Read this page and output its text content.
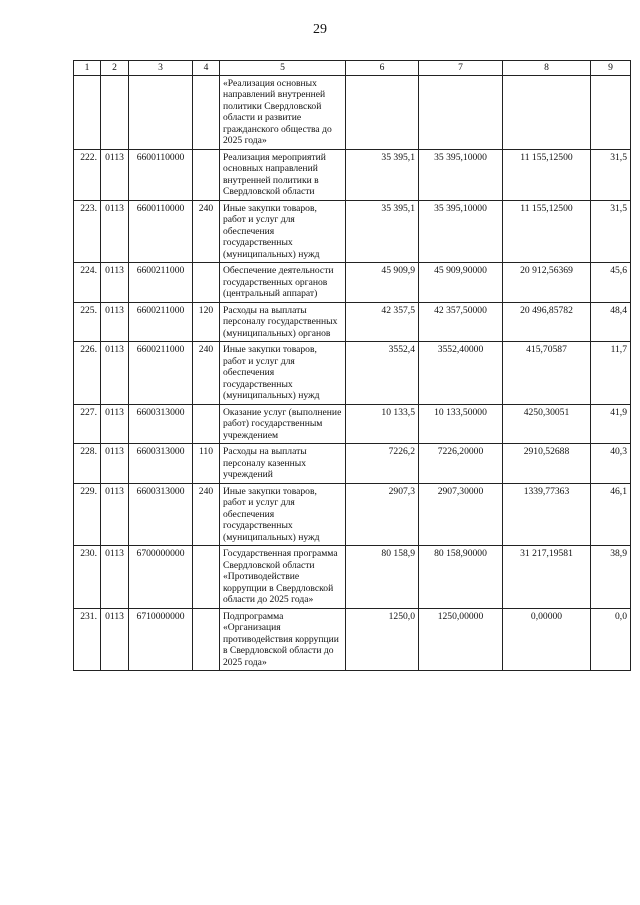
29
1	2	3	4	5	6	7	8	9
				«Реализация основных направлений внутренней политики Свердловской области и развитие гражданского общества до 2025 года»				
222.	0113	6600110000		Реализация мероприятий основных направлений внутренней политики в Свердловской области	35 395,1	35 395,10000	11 155,12500	31,5
223.	0113	6600110000	240	Иные закупки товаров, работ и услуг для обеспечения государственных (муниципальных) нужд	35 395,1	35 395,10000	11 155,12500	31,5
224.	0113	6600211000		Обеспечение деятельности государственных органов (центральный аппарат)	45 909,9	45 909,90000	20 912,56369	45,6
225.	0113	6600211000	120	Расходы на выплаты персоналу государственных (муниципальных) органов	42 357,5	42 357,50000	20 496,85782	48,4
226.	0113	6600211000	240	Иные закупки товаров, работ и услуг для обеспечения государственных (муниципальных) нужд	3552,4	3552,40000	415,70587	11,7
227.	0113	6600313000		Оказание услуг (выполнение работ) государственным учреждением	10 133,5	10 133,50000	4250,30051	41,9
228.	0113	6600313000	110	Расходы на выплаты персоналу казенных учреждений	7226,2	7226,20000	2910,52688	40,3
229.	0113	6600313000	240	Иные закупки товаров, работ и услуг для обеспечения государственных (муниципальных) нужд	2907,3	2907,30000	1339,77363	46,1
230.	0113	6700000000		Государственная программа Свердловской области «Противодействие коррупции в Свердловской области до 2025 года»	80 158,9	80 158,90000	31 217,19581	38,9
231.	0113	6710000000		Подпрограмма «Организация противодействия коррупции в Свердловской области до 2025 года»	1250,0	1250,00000	0,00000	0,0
